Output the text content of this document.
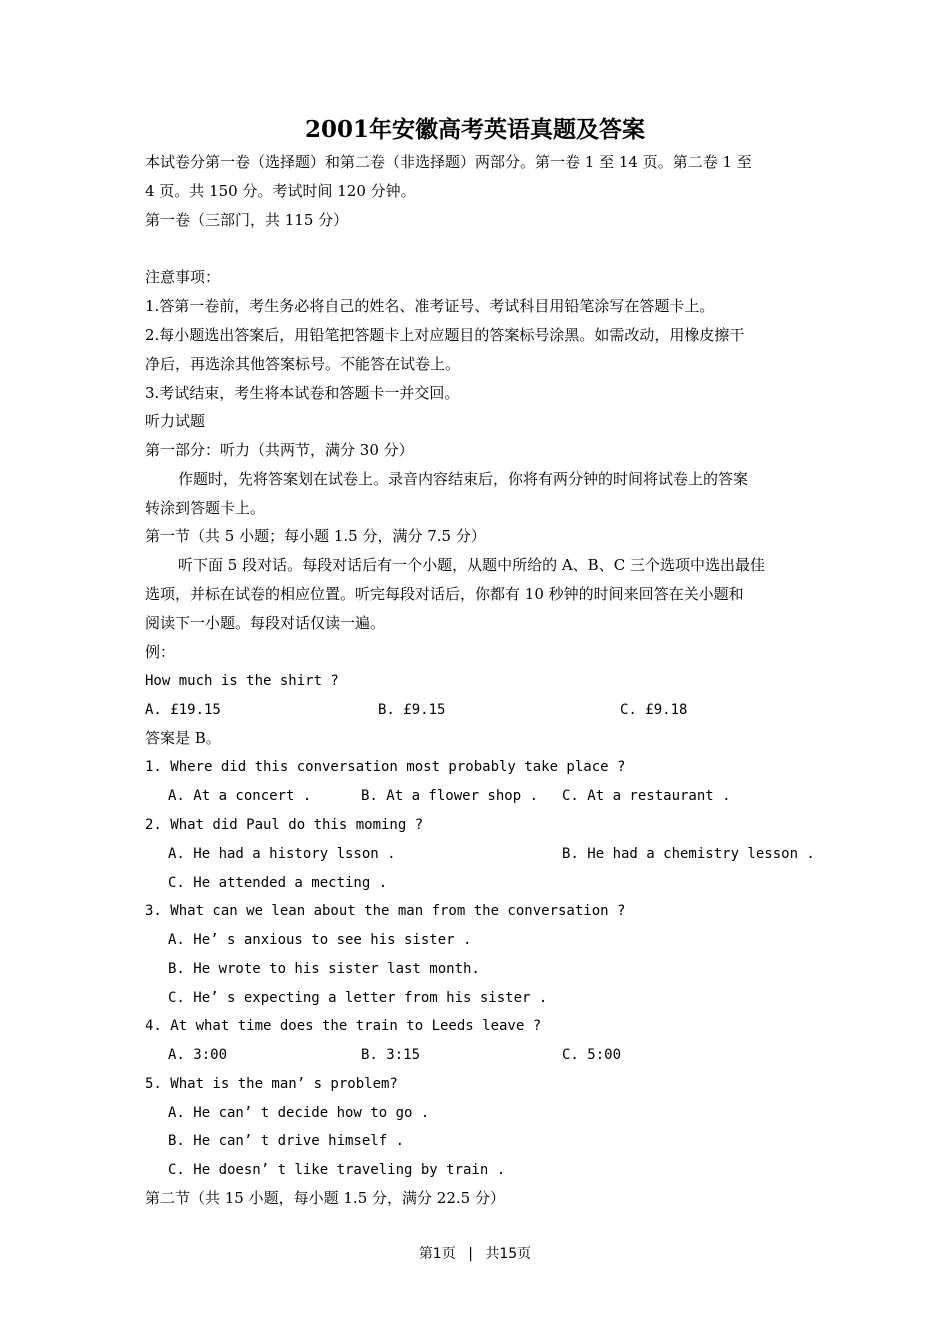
2001年安徽高考英语真题及答案
本试卷分第一卷（选择题）和第二卷（非选择题）两部分。第一卷 1 至 14 页。第二卷 1 至
4 页。共 150 分。考试时间 120 分钟。
第一卷（三部门，共 115 分）
注意事项：
1.答第一卷前，考生务必将自己的姓名、准考证号、考试科目用铅笔涂写在答题卡上。
2.每小题选出答案后，用铅笔把答题卡上对应题目的答案标号涂黑。如需改动，用橡皮擦干
净后，再选涂其他答案标号。不能答在试卷上。
3.考试结束，考生将本试卷和答题卡一并交回。
听力试题
第一部分：听力（共两节，满分 30 分）
作题时，先将答案划在试卷上。录音内容结束后，你将有两分钟的时间将试卷上的答案
转涂到答题卡上。
第一节（共 5 小题；每小题 1.5 分，满分 7.5 分）
听下面 5 段对话。每段对话后有一个小题，从题中所给的 A、B、C 三个选项中选出最佳
选项，并标在试卷的相应位置。听完每段对话后，你都有 10 秒钟的时间来回答在关小题和
阅读下一小题。每段对话仅读一遍。
例：
How much is the shirt ?
A. £19.15	B. £9.15	C. £9.18
答案是 B。
1. Where did this conversation most probably take place ?
A. At a concert .	B. At a flower shop . C. At a restaurant .
2. What did Paul do this moming ?
A. He had a history lsson .	B. He had a chemistry lesson .
C. He attended a mecting .
3. What can we lean about the man from the conversation ?
A. He’ s anxious to see his sister .
B. He wrote to his sister last month.
C. He’ s expecting a letter from his sister .
4. At what time does the train to Leeds leave ?
A. 3:00	B. 3:15	C. 5:00
5. What is the man’ s problem?
A. He can’ t decide how to go .
B. He can’ t drive himself .
C. He doesn’ t like traveling by train .
第二节（共 15 小题，每小题 1.5 分，满分 22.5 分）
第1页 | 共15页
